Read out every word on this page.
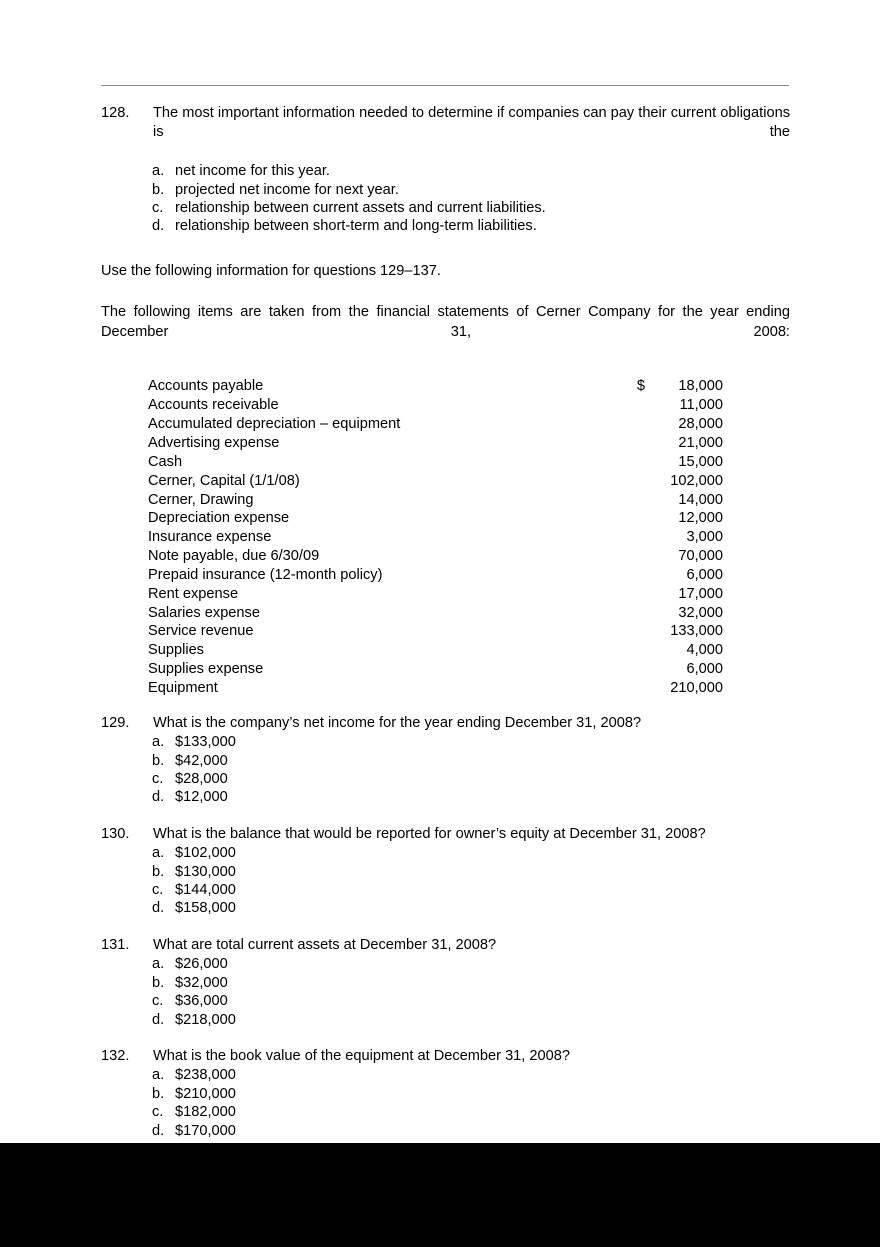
128.	The most important information needed to determine if companies can pay their current obligations is the
a. net income for this year.
b. projected net income for next year.
c. relationship between current assets and current liabilities.
d. relationship between short-term and long-term liabilities.
Use the following information for questions 129–137.
The following items are taken from the financial statements of Cerner Company for the year ending December 31, 2008:
Accounts payable	$	18,000
Accounts receivable		11,000
Accumulated depreciation – equipment		28,000
Advertising expense		21,000
Cash		15,000
Cerner, Capital (1/1/08)		102,000
Cerner, Drawing		14,000
Depreciation expense		12,000
Insurance expense		3,000
Note payable, due 6/30/09		70,000
Prepaid insurance (12-month policy)		6,000
Rent expense		17,000
Salaries expense		32,000
Service revenue		133,000
Supplies		4,000
Supplies expense		6,000
Equipment		210,000
129.	What is the company’s net income for the year ending December 31, 2008?
a. $133,000
b. $42,000
c. $28,000
d. $12,000
130.	What is the balance that would be reported for owner’s equity at December 31, 2008?
a. $102,000
b. $130,000
c. $144,000
d. $158,000
131.	What are total current assets at December 31, 2008?
a. $26,000
b. $32,000
c. $36,000
d. $218,000
132.	What is the book value of the equipment at December 31, 2008?
a. $238,000
b. $210,000
c. $182,000
d. $170,000
